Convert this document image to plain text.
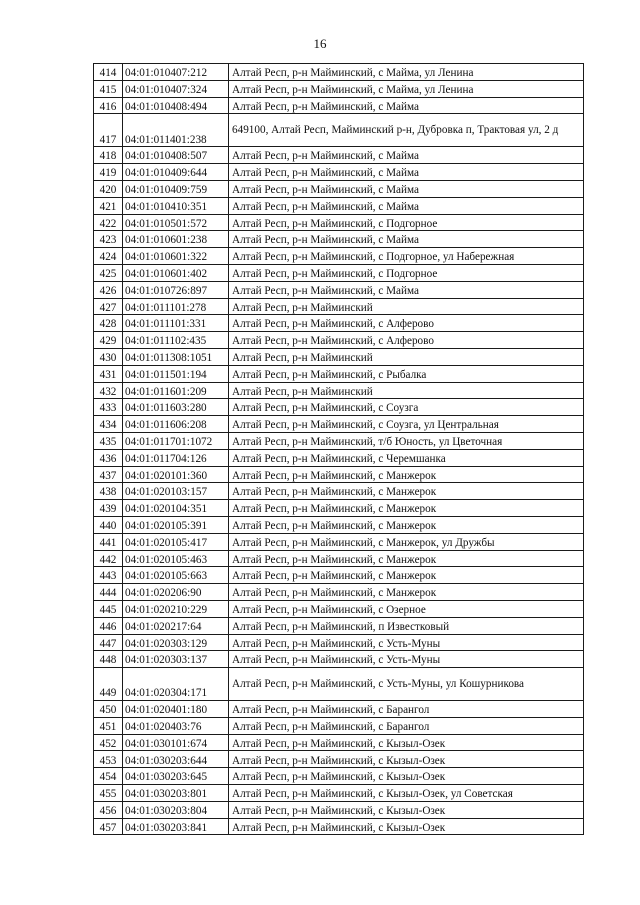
16
414	04:01:010407:212	Алтай Респ, р-н Майминский, с Майма, ул Ленина
415	04:01:010407:324	Алтай Респ, р-н Майминский, с Майма, ул Ленина
416	04:01:010408:494	Алтай Респ, р-н Майминский, с Майма
417	04:01:011401:238	649100, Алтай Респ, Майминский р-н, Дубровка п, Трактовая ул, 2 д
418	04:01:010408:507	Алтай Респ, р-н Майминский, с Майма
419	04:01:010409:644	Алтай Респ, р-н Майминский, с Майма
420	04:01:010409:759	Алтай Респ, р-н Майминский, с Майма
421	04:01:010410:351	Алтай Респ, р-н Майминский, с Майма
422	04:01:010501:572	Алтай Респ, р-н Майминский, с Подгорное
423	04:01:010601:238	Алтай Респ, р-н Майминский, с Майма
424	04:01:010601:322	Алтай Респ, р-н Майминский, с Подгорное, ул Набережная
425	04:01:010601:402	Алтай Респ, р-н Майминский, с Подгорное
426	04:01:010726:897	Алтай Респ, р-н Майминский, с Майма
427	04:01:011101:278	Алтай Респ, р-н Майминский
428	04:01:011101:331	Алтай Респ, р-н Майминский, с Алферово
429	04:01:011102:435	Алтай Респ, р-н Майминский, с Алферово
430	04:01:011308:1051	Алтай Респ, р-н Майминский
431	04:01:011501:194	Алтай Респ, р-н Майминский, с Рыбалка
432	04:01:011601:209	Алтай Респ, р-н Майминский
433	04:01:011603:280	Алтай Респ, р-н Майминский, с Соузга
434	04:01:011606:208	Алтай Респ, р-н Майминский, с Соузга, ул Центральная
435	04:01:011701:1072	Алтай Респ, р-н Майминский, т/б Юность, ул Цветочная
436	04:01:011704:126	Алтай Респ, р-н Майминский, с Черемшанка
437	04:01:020101:360	Алтай Респ, р-н Майминский, с Манжерок
438	04:01:020103:157	Алтай Респ, р-н Майминский, с Манжерок
439	04:01:020104:351	Алтай Респ, р-н Майминский, с Манжерок
440	04:01:020105:391	Алтай Респ, р-н Майминский, с Манжерок
441	04:01:020105:417	Алтай Респ, р-н Майминский, с Манжерок, ул Дружбы
442	04:01:020105:463	Алтай Респ, р-н Майминский, с Манжерок
443	04:01:020105:663	Алтай Респ, р-н Майминский, с Манжерок
444	04:01:020206:90	Алтай Респ, р-н Майминский, с Манжерок
445	04:01:020210:229	Алтай Респ, р-н Майминский, с Озерное
446	04:01:020217:64	Алтай Респ, р-н Майминский, п Известковый
447	04:01:020303:129	Алтай Респ, р-н Майминский, с Усть-Муны
448	04:01:020303:137	Алтай Респ, р-н Майминский, с Усть-Муны
449	04:01:020304:171	Алтай Респ, р-н Майминский, с Усть-Муны, ул Кошурникова
450	04:01:020401:180	Алтай Респ, р-н Майминский, с Барангол
451	04:01:020403:76	Алтай Респ, р-н Майминский, с Барангол
452	04:01:030101:674	Алтай Респ, р-н Майминский, с Кызыл-Озек
453	04:01:030203:644	Алтай Респ, р-н Майминский, с Кызыл-Озек
454	04:01:030203:645	Алтай Респ, р-н Майминский, с Кызыл-Озек
455	04:01:030203:801	Алтай Респ, р-н Майминский, с Кызыл-Озек, ул Советская
456	04:01:030203:804	Алтай Респ, р-н Майминский, с Кызыл-Озек
457	04:01:030203:841	Алтай Респ, р-н Майминский, с Кызыл-Озек
